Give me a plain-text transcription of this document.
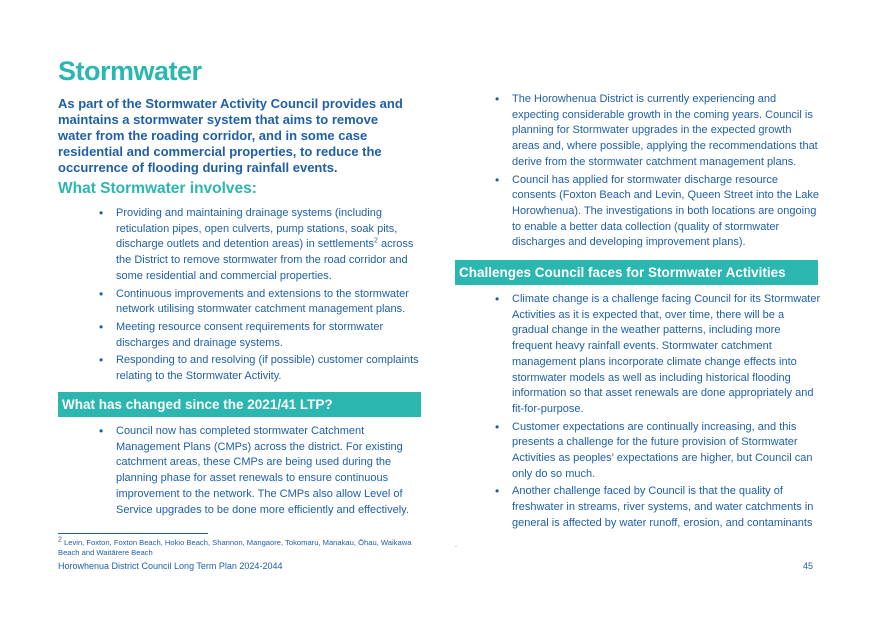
Stormwater
As part of the Stormwater Activity Council provides and maintains a stormwater system that aims to remove water from the roading corridor, and in some case residential and commercial properties, to reduce the occurrence of flooding during rainfall events.
What Stormwater involves:
• Providing and maintaining drainage systems (including reticulation pipes, open culverts, pump stations, soak pits, discharge outlets and detention areas) in settlements$^2$ across the District to remove stormwater from the road corridor and some residential and commercial properties.
• Continuous improvements and extensions to the stormwater network utilising stormwater catchment management plans.
• Meeting resource consent requirements for stormwater discharges and drainage systems.
• Responding to and resolving (if possible) customer complaints relating to the Stormwater Activity.
What has changed since the 2021/41 LTP?
• Council now has completed stormwater Catchment Management Plans (CMPs) across the district. For existing catchment areas, these CMPs are being used during the planning phase for asset renewals to ensure continuous improvement to the network. The CMPs also allow Level of Service upgrades to be done more efficiently and effectively.
• The Horowhenua District is currently experiencing and expecting considerable growth in the coming years. Council is planning for Stormwater upgrades in the expected growth areas and, where possible, applying the recommendations that derive from the stormwater catchment management plans.
• Council has applied for stormwater discharge resource consents (Foxton Beach and Levin, Queen Street into the Lake Horowhenua). The investigations in both locations are ongoing to enable a better data collection (quality of stormwater discharges and developing improvement plans).
Challenges Council faces for Stormwater Activities
• Climate change is a challenge facing Council for its Stormwater Activities as it is expected that, over time, there will be a gradual change in the weather patterns, including more frequent heavy rainfall events. Stormwater catchment management plans incorporate climate change effects into stormwater models as well as including historical flooding information so that asset renewals are done appropriately and fit-for-purpose.
• Customer expectations are continually increasing, and this presents a challenge for the future provision of Stormwater Activities as peoples’ expectations are higher, but Council can only do so much.
• Another challenge faced by Council is that the quality of freshwater in streams, river systems, and water catchments in general is affected by water runoff, erosion, and contaminants
$^2$ Levin, Foxton, Foxton Beach, Hokio Beach, Shannon, Mangaore, Tokomaru, Manakau, Ōhau, Waikawa Beach and Waitārere Beach
.
Horowhenua District Council Long Term Plan 2024-2044	45
